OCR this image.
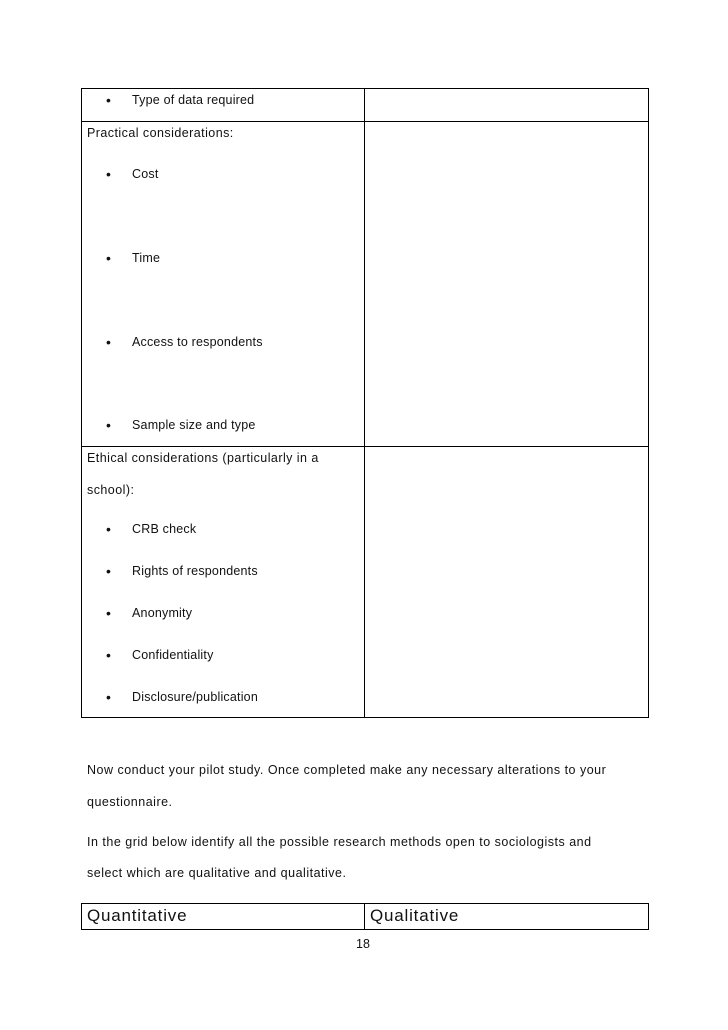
• Type of data required
Practical considerations:
• Cost
• Time
• Access to respondents
• Sample size and type
Ethical considerations (particularly in a
school):
• CRB check
• Rights of respondents
• Anonymity
• Confidentiality
• Disclosure/publication
Now conduct your pilot study. Once completed make any necessary alterations to your
questionnaire.
In the grid below identify all the possible research methods open to sociologists and
select which are qualitative and qualitative.
Quantitative	Qualitative
18
